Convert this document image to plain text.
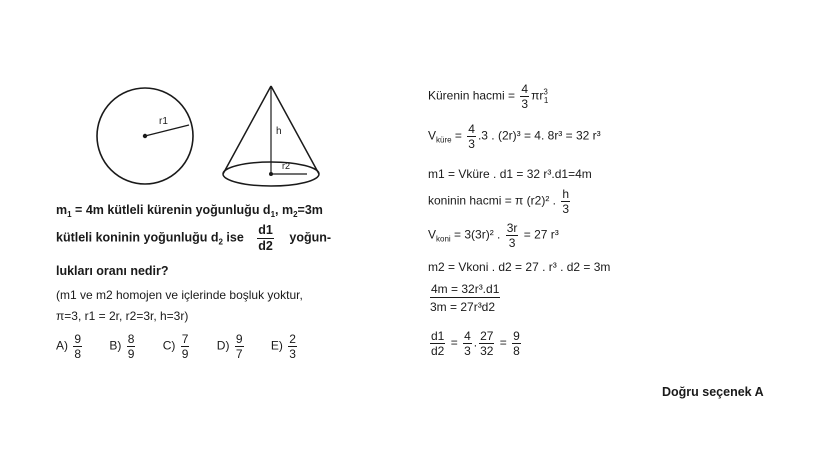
r1
h
r2
$m_1 = 4m$ kütleli kürenin yoğunluğu $d_1$, $m_2=3m$
kütleli koninin yoğunluğu $d_2$ ise $\frac{d1}{d2}$ yoğun-
lukları oranı nedir?
(m1 ve m2 homojen ve içlerinde boşluk yoktur,
π=3, r1 = 2r, r2=3r, h=3r)
$A) \frac{9}{8} B) \frac{8}{9} C) \frac{7}{9} D) \frac{9}{7} E) \frac{2}{3}$
Kürenin hacmi = $\frac{4}{3} \pi r^3_1$
$V_{küre} = \frac{4}{3} .3$ . (2r)³ = 4. 8r³ = 32 r³
m1 = Vküre . d1 = 32 r³.d1=4m
koninin hacmi = π (r2)² . $\frac{h}{3}$
$V_{koni} = 3(3r)^2$ . $\frac{3r}{3} = 27$ r³
m2 = Vkoni . d2 = 27 . r³ . d2 = 3m
$\frac{\text{4m = 32r³.d1}}{\text{3m = 27r³d2}}$
$\frac{d1}{d2} = \frac{4}{3}$ . $\frac{27}{32} = \frac{9}{8}$
Doğru seçenek A
